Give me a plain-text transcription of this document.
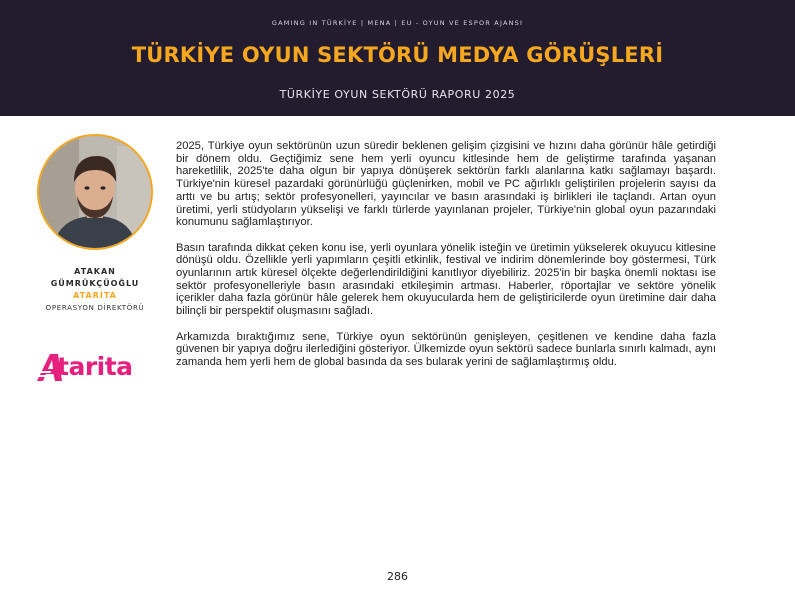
GAMING IN TÜRKİYE | MENA | EU - OYUN VE ESPOR AJANSI
TÜRKİYE OYUN SEKTÖRÜ MEDYA GÖRÜŞLERİ
TÜRKİYE OYUN SEKTÖRÜ RAPORU 2025
ATAKAN
GÜMRÜKÇÜOĞLU
ATARİTA
OPERASYON DİREKTÖRÜ
tarita

2025, Türkiye oyun sektörünün uzun süredir beklenen gelişim çizgisini ve hızını daha görünür hâle getirdiği bir dönem oldu. Geçtiğimiz sene hem yerli oyuncu kitlesinde hem de geliştirme tarafında yaşanan hareketlilik, 2025'te daha olgun bir yapıya dönüşerek sektörün farklı alanlarına katkı sağlamayı başardı. Türkiye'nin küresel pazardaki görünürlüğü güçlenirken, mobil ve PC ağırlıklı geliştirilen projelerin sayısı da arttı ve bu artış; sektör profesyonelleri, yayıncılar ve basın arasındaki iş birlikleri ile taçlandı. Artan oyun üretimi, yerli stüdyoların yükselişi ve farklı türlerde yayınlanan projeler, Türkiye'nin global oyun pazarındaki konumunu sağlamlaştırıyor.

Basın tarafında dikkat çeken konu ise, yerli oyunlara yönelik isteğin ve üretimin yükselerek okuyucu kitlesine dönüşü oldu. Özellikle yerli yapımların çeşitli etkinlik, festival ve indirim dönemlerinde boy göstermesi, Türk oyunlarının artık küresel ölçekte değerlendirildiğini kanıtlıyor diyebiliriz. 2025'in bir başka önemli noktası ise sektör profesyonelleriyle basın arasındaki etkileşimin artması. Haberler, röportajlar ve sektöre yönelik içerikler daha fazla görünür hâle gelerek hem okuyucularda hem de geliştiricilerde oyun üretimine dair daha bilinçli bir perspektif oluşmasını sağladı.

Arkamızda bıraktığımız sene, Türkiye oyun sektörünün genişleyen, çeşitlenen ve kendine daha fazla güvenen bir yapıya doğru ilerlediğini gösteriyor. Ülkemizde oyun sektörü sadece bunlarla sınırlı kalmadı, aynı zamanda hem yerli hem de global basında da ses bularak yerini de sağlamlaştırmış oldu.

286
